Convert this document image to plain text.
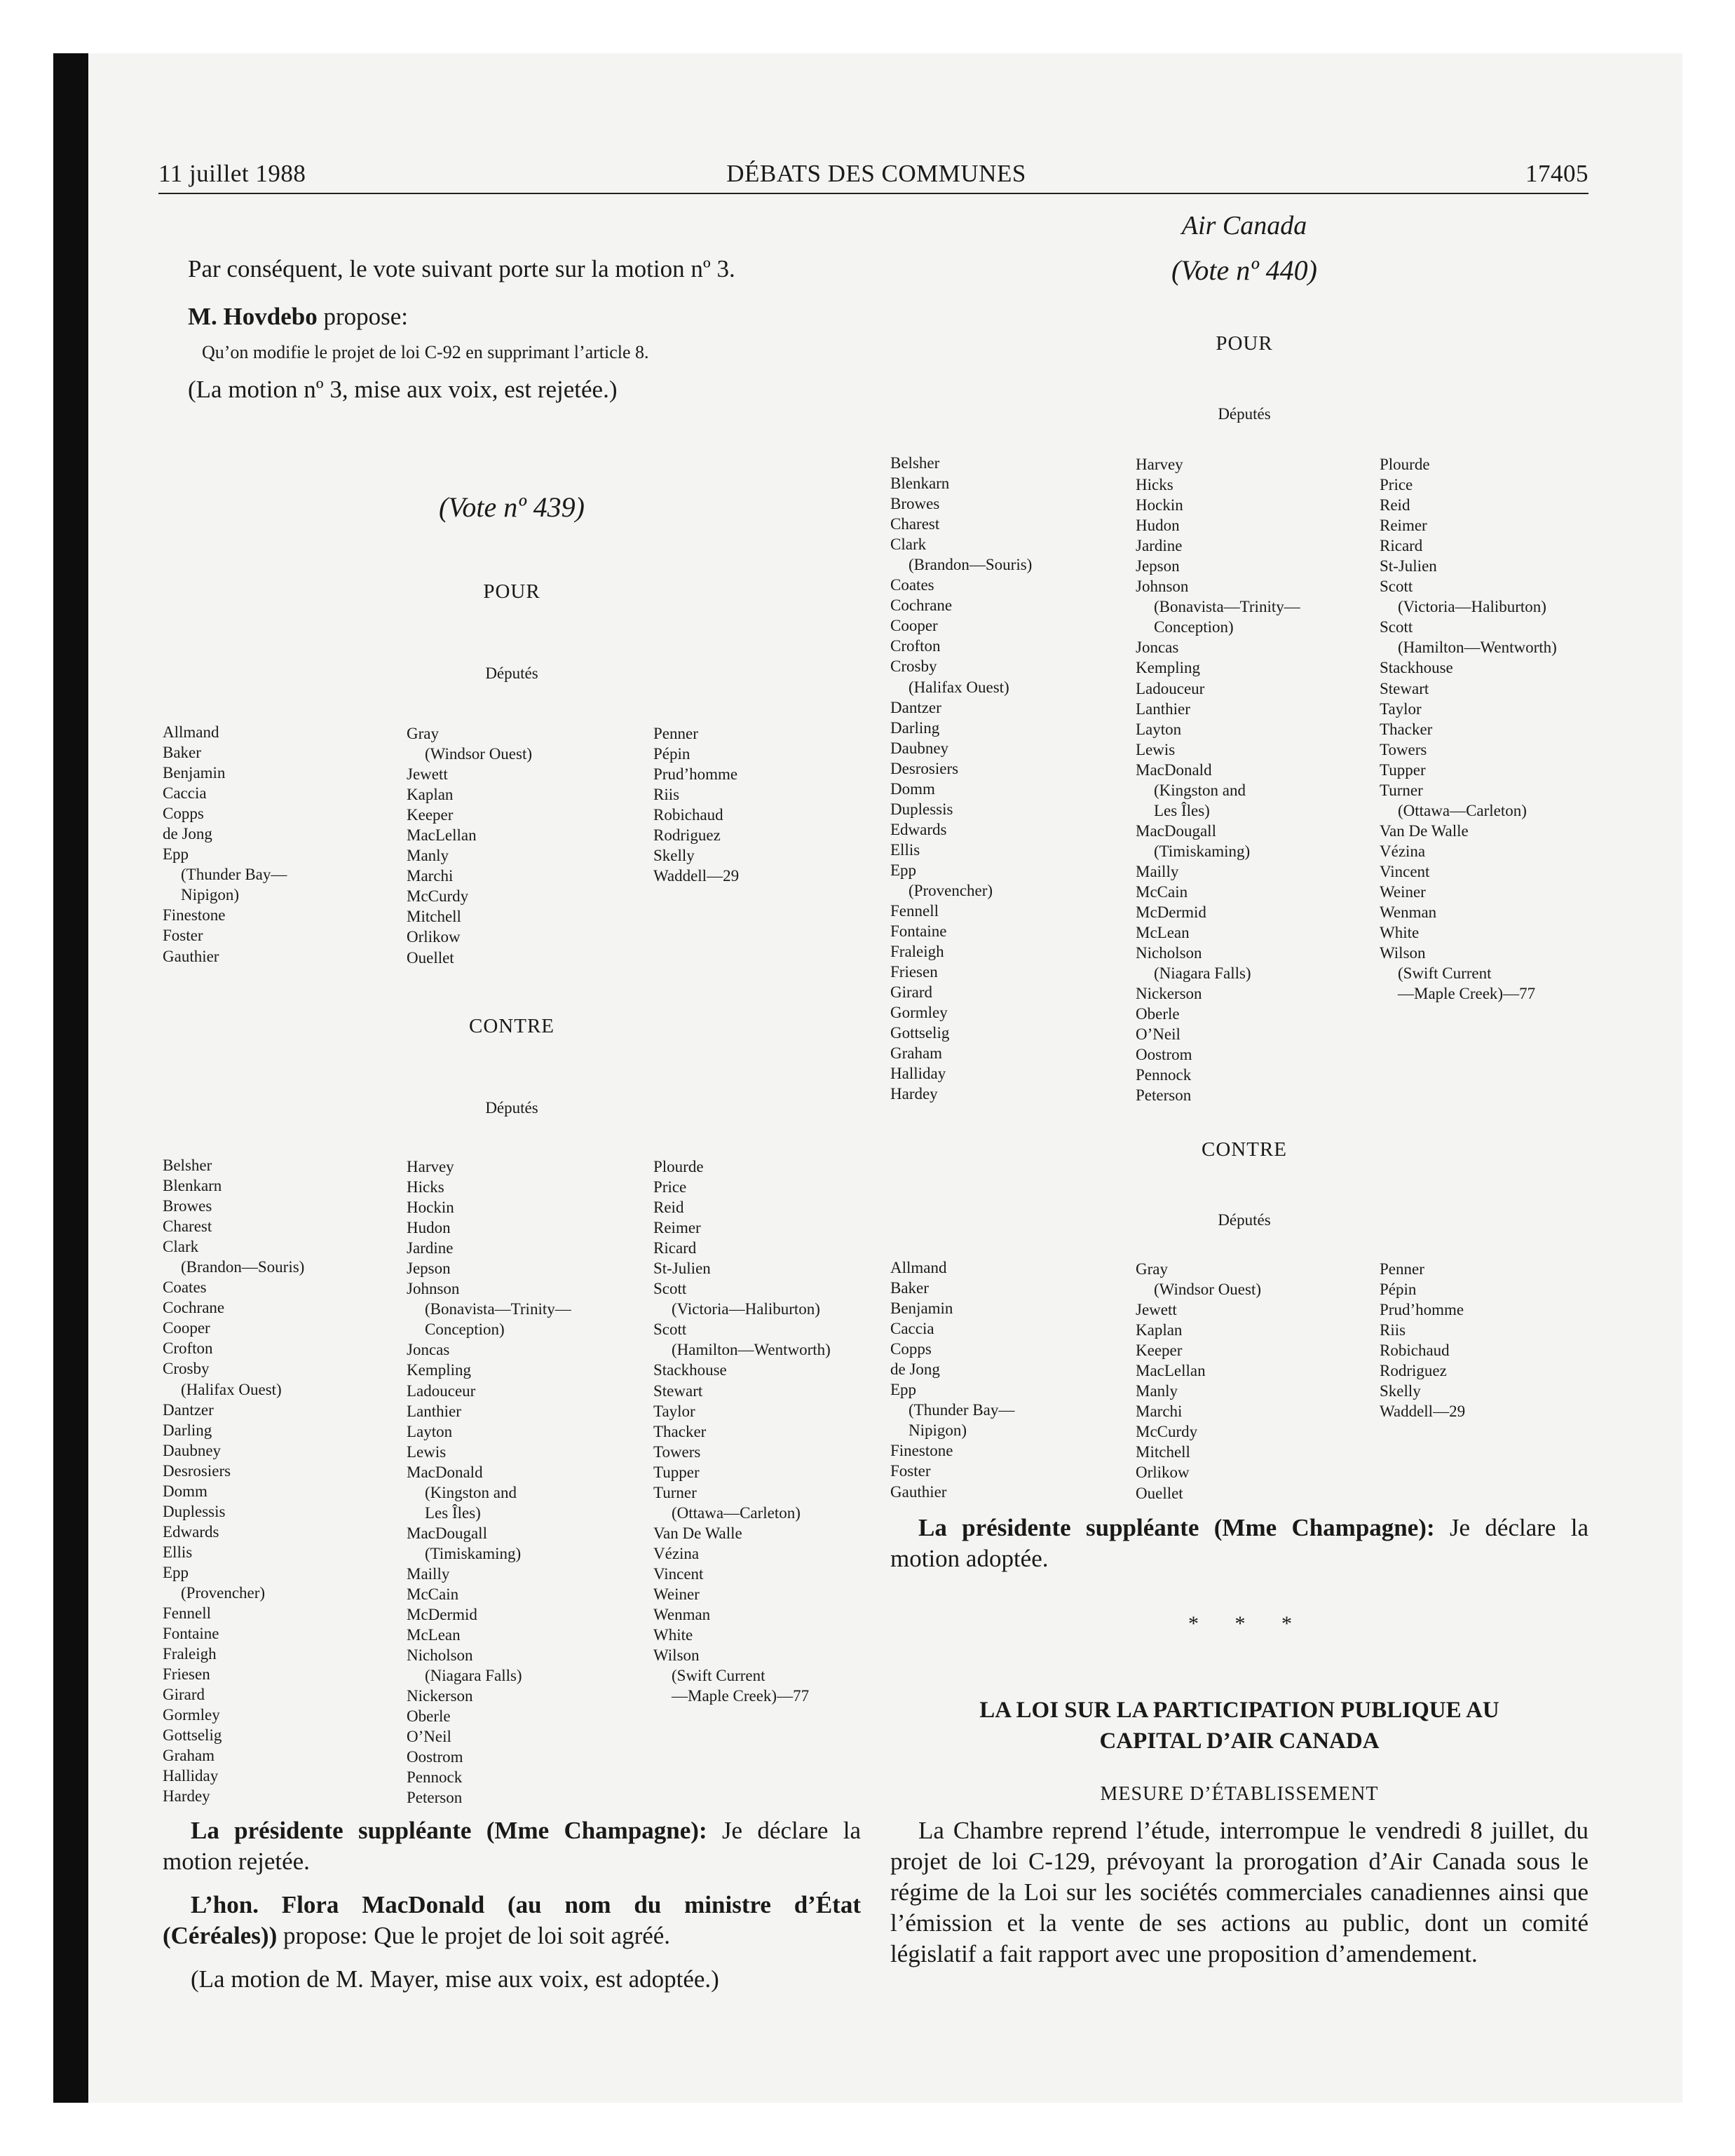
11 juillet 1988	DÉBATS DES COMMUNES	17405
Par conséquent, le vote suivant porte sur la motion nº 3.
M. Hovdebo propose:
Qu’on modifie le projet de loi C-92 en supprimant l’article 8.
(La motion nº 3, mise aux voix, est rejetée.)
(Vote nº 439)
POUR
Députés
Allmand
Baker
Benjamin
Caccia
Copps
de Jong
Epp
(Thunder Bay—
Nipigon)
Finestone
Foster
Gauthier
Gray
(Windsor Ouest)
Jewett
Kaplan
Keeper
MacLellan
Manly
Marchi
McCurdy
Mitchell
Orlikow
Ouellet
Penner
Pépin
Prud’homme
Riis
Robichaud
Rodriguez
Skelly
Waddell—29
CONTRE
Députés
Belsher
Blenkarn
Browes
Charest
Clark
(Brandon—Souris)
Coates
Cochrane
Cooper
Crofton
Crosby
(Halifax Ouest)
Dantzer
Darling
Daubney
Desrosiers
Domm
Duplessis
Edwards
Ellis
Epp
(Provencher)
Fennell
Fontaine
Fraleigh
Friesen
Girard
Gormley
Gottselig
Graham
Halliday
Hardey
Harvey
Hicks
Hockin
Hudon
Jardine
Jepson
Johnson
(Bonavista—Trinity—
Conception)
Joncas
Kempling
Ladouceur
Lanthier
Layton
Lewis
MacDonald
(Kingston and
Les Îles)
MacDougall
(Timiskaming)
Mailly
McCain
McDermid
McLean
Nicholson
(Niagara Falls)
Nickerson
Oberle
O’Neil
Oostrom
Pennock
Peterson
Plourde
Price
Reid
Reimer
Ricard
St-Julien
Scott
(Victoria—Haliburton)
Scott
(Hamilton—Wentworth)
Stackhouse
Stewart
Taylor
Thacker
Towers
Tupper
Turner
(Ottawa—Carleton)
Van De Walle
Vézina
Vincent
Weiner
Wenman
White
Wilson
(Swift Current
—Maple Creek)—77
La présidente suppléante (Mme Champagne): Je déclare la motion rejetée.
L’hon. Flora MacDonald (au nom du ministre d’État (Céréales)) propose: Que le projet de loi soit agréé.
(La motion de M. Mayer, mise aux voix, est adoptée.)
Air Canada
(Vote nº 440)
POUR
Députés
Belsher
Blenkarn
Browes
Charest
Clark
(Brandon—Souris)
Coates
Cochrane
Cooper
Crofton
Crosby
(Halifax Ouest)
Dantzer
Darling
Daubney
Desrosiers
Domm
Duplessis
Edwards
Ellis
Epp
(Provencher)
Fennell
Fontaine
Fraleigh
Friesen
Girard
Gormley
Gottselig
Graham
Halliday
Hardey
Harvey
Hicks
Hockin
Hudon
Jardine
Jepson
Johnson
(Bonavista—Trinity—
Conception)
Joncas
Kempling
Ladouceur
Lanthier
Layton
Lewis
MacDonald
(Kingston and
Les Îles)
MacDougall
(Timiskaming)
Mailly
McCain
McDermid
McLean
Nicholson
(Niagara Falls)
Nickerson
Oberle
O’Neil
Oostrom
Pennock
Peterson
Plourde
Price
Reid
Reimer
Ricard
St-Julien
Scott
(Victoria—Haliburton)
Scott
(Hamilton—Wentworth)
Stackhouse
Stewart
Taylor
Thacker
Towers
Tupper
Turner
(Ottawa—Carleton)
Van De Walle
Vézina
Vincent
Weiner
Wenman
White
Wilson
(Swift Current
—Maple Creek)—77
CONTRE
Députés
Allmand
Baker
Benjamin
Caccia
Copps
de Jong
Epp
(Thunder Bay—
Nipigon)
Finestone
Foster
Gauthier
Gray
(Windsor Ouest)
Jewett
Kaplan
Keeper
MacLellan
Manly
Marchi
McCurdy
Mitchell
Orlikow
Ouellet
Penner
Pépin
Prud’homme
Riis
Robichaud
Rodriguez
Skelly
Waddell—29
La présidente suppléante (Mme Champagne): Je déclare la motion adoptée.
* * *
LA LOI SUR LA PARTICIPATION PUBLIQUE AU
CAPITAL D’AIR CANADA
MESURE D’ÉTABLISSEMENT
La Chambre reprend l’étude, interrompue le vendredi 8 juillet, du projet de loi C-129, prévoyant la prorogation d’Air Canada sous le régime de la Loi sur les sociétés commerciales canadiennes ainsi que l’émission et la vente de ses actions au public, dont un comité législatif a fait rapport avec une proposition d’amendement.
